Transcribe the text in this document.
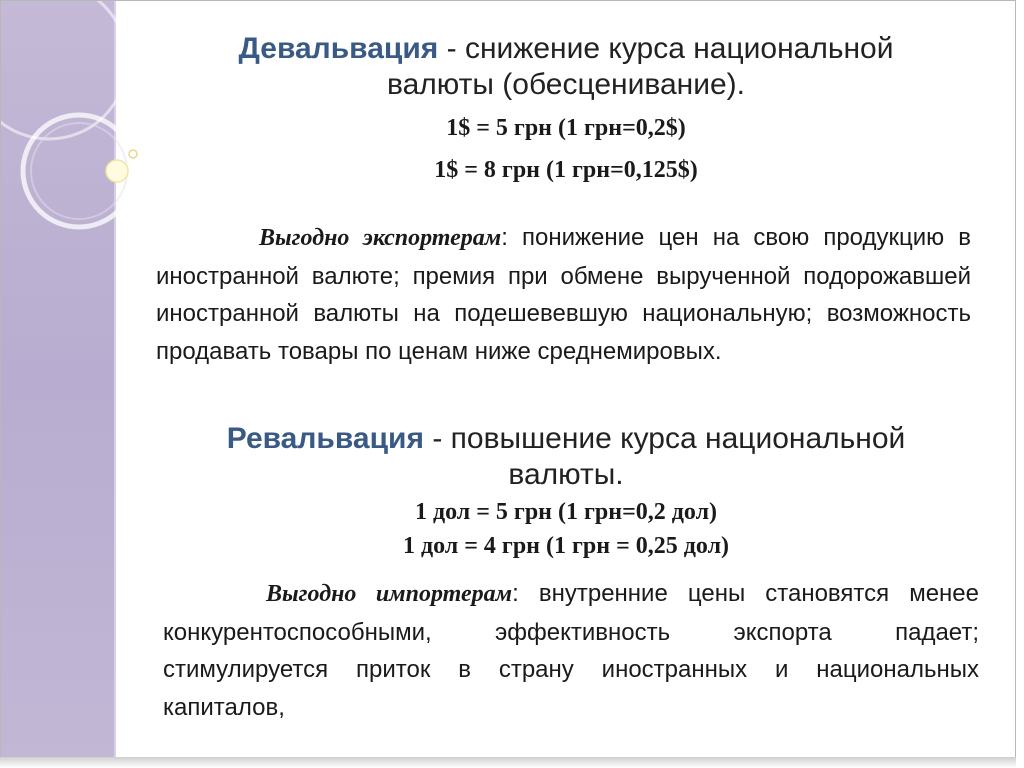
Девальвация - снижение курса национальной
валюты (обесценивание).
1$ = 5 грн (1 грн=0,2$)
1$ = 8 грн (1 грн=0,125$)
Выгодно экспортерам: понижение цен на свою продукцию в иностранной валюте; премия при обмене вырученной подорожавшей иностранной валюты на подешевевшую национальную; возможность продавать товары по ценам ниже среднемировых.
Ревальвация - повышение курса национальной
валюты.
1 дол = 5 грн (1 грн=0,2 дол)
1 дол = 4 грн (1 грн = 0,25 дол)
Выгодно импортерам: внутренние цены становятся менее конкурентоспособными, эффективность экспорта падает; стимулируется приток в страну иностранных и национальных капиталов,
